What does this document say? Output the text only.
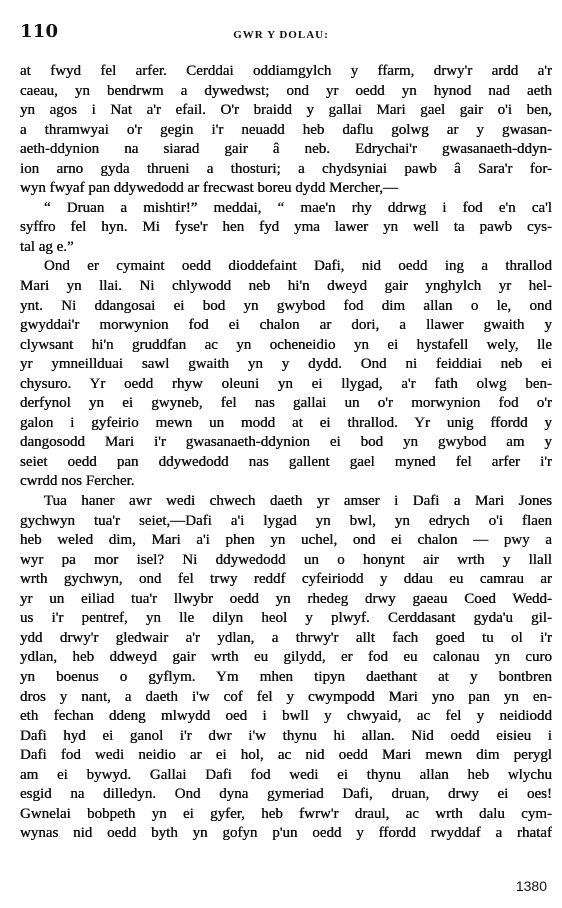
110	GWR Y DOLAU:
at fwyd fel arfer. Cerddai oddiamgylch y ffarm, drwy'r ardd a'r
caeau, yn bendrwm a dywedwst; ond yr oedd yn hynod nad aeth
yn agos i Nat a'r efail. O'r braidd y gallai Mari gael gair o'i ben,
a thramwyai o'r gegin i'r neuadd heb daflu golwg ar y gwasan-
aeth-ddynion na siarad gair â neb. Edrychai'r gwasanaeth-ddyn-
ion arno gyda thrueni a thosturi; a chydsyniai pawb â Sara'r for-
wyn fwyaf pan ddywedodd ar frecwast boreu dydd Mercher,—
“ Druan a mishtir!” meddai, “ mae'n rhy ddrwg i fod e'n ca'l
syffro fel hyn. Mi fyse'r hen fyd yma lawer yn well ta pawb cys-
tal ag e.”
Ond er cymaint oedd dioddefaint Dafi, nid oedd ing a thrallod
Mari yn llai. Ni chlywodd neb hi'n dweyd gair ynghylch yr hel-
ynt. Ni ddangosai ei bod yn gwybod fod dim allan o le, ond
gwyddai'r morwynion fod ei chalon ar dori, a llawer gwaith y
clywsant hi'n gruddfan ac yn ocheneidio yn ei hystafell wely, lle
yr ymneillduai sawl gwaith yn y dydd. Ond ni feiddiai neb ei
chysuro. Yr oedd rhyw oleuni yn ei llygad, a'r fath olwg ben-
derfynol yn ei gwyneb, fel nas gallai un o'r morwynion fod o'r
galon i gyfeirio mewn un modd at ei thrallod. Yr unig ffordd y
dangosodd Mari i'r gwasanaeth-ddynion ei bod yn gwybod am y
seiet oedd pan ddywedodd nas gallent gael myned fel arfer i'r
cwrdd nos Fercher.
Tua haner awr wedi chwech daeth yr amser i Dafi a Mari Jones
gychwyn tua'r seiet,—Dafi a'i lygad yn bwl, yn edrych o'i flaen
heb weled dim, Mari a'i phen yn uchel, ond ei chalon — pwy a
wyr pa mor isel? Ni ddywedodd un o honynt air wrth y llall
wrth gychwyn, ond fel trwy reddf cyfeiriodd y ddau eu camrau ar
yr un eiliad tua'r llwybr oedd yn rhedeg drwy gaeau Coed Wedd-
us i'r pentref, yn lle dilyn heol y plwyf. Cerddasant gyda'u gil-
ydd drwy'r gledwair a'r ydlan, a thrwy'r allt fach goed tu ol i'r
ydlan, heb ddweyd gair wrth eu gilydd, er fod eu calonau yn curo
yn boenus o gyflym. Ym mhen tipyn daethant at y bontbren
dros y nant, a daeth i'w cof fel y cwympodd Mari yno pan yn en-
eth fechan ddeng mlwydd oed i bwll y chwyaid, ac fel y neidiodd
Dafi hyd ei ganol i'r dwr i'w thynu hi allan. Nid oedd eisieu i
Dafi fod wedi neidio ar ei hol, ac nid oedd Mari mewn dim perygl
am ei bywyd. Gallai Dafi fod wedi ei thynu allan heb wlychu
esgid na dilledyn. Ond dyna gymeriad Dafi, druan, drwy ei oes!
Gwnelai bobpeth yn ei gyfer, heb fwrw'r draul, ac wrth dalu cym-
wynas nid oedd byth yn gofyn p'un oedd y ffordd rwyddaf a rhataf
1380
